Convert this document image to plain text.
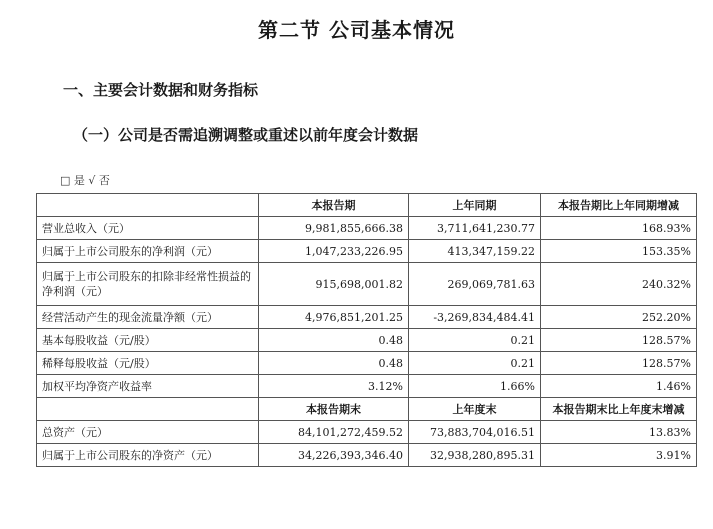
第二节 公司基本情况
一、主要会计数据和财务指标
（一）公司是否需追溯调整或重述以前年度会计数据
□ 是 √ 否
	本报告期	上年同期	本报告期比上年同期增减
营业总收入（元）	9,981,855,666.38	3,711,641,230.77	168.93%
归属于上市公司股东的净利润（元）	1,047,233,226.95	413,347,159.22	153.35%
归属于上市公司股东的扣除非经常性损益的净利润（元）	915,698,001.82	269,069,781.63	240.32%
经营活动产生的现金流量净额（元）	4,976,851,201.25	-3,269,834,484.41	252.20%
基本每股收益（元/股）	0.48	0.21	128.57%
稀释每股收益（元/股）	0.48	0.21	128.57%
加权平均净资产收益率	3.12%	1.66%	1.46%
	本报告期末	上年度末	本报告期末比上年度末增减
总资产（元）	84,101,272,459.52	73,883,704,016.51	13.83%
归属于上市公司股东的净资产（元）	34,226,393,346.40	32,938,280,895.31	3.91%
